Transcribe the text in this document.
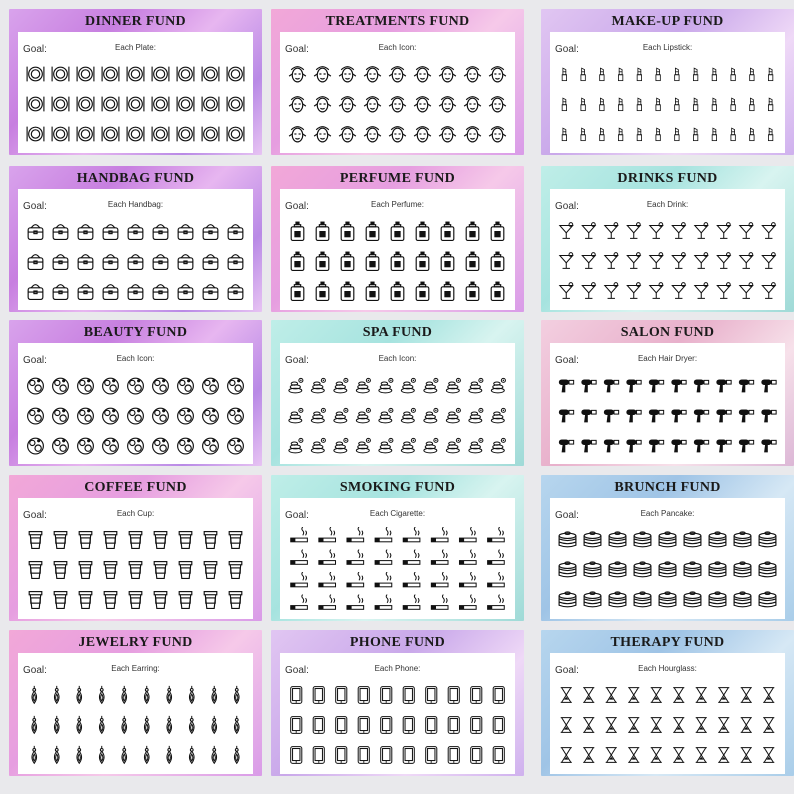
DINNER FUND
Goal:	Each Plate:
TREATMENTS FUND
Goal:	Each Icon:
MAKE-UP FUND
Goal:	Each Lipstick:
HANDBAG FUND
Goal:	Each Handbag:
PERFUME FUND
Goal:	Each Perfume:
DRINKS FUND
Goal:	Each Drink:
BEAUTY FUND
Goal:	Each Icon:
SPA FUND
Goal:	Each Icon:
SALON FUND
Goal:	Each Hair Dryer:
COFFEE FUND
Goal:	Each Cup:
SMOKING FUND
Goal:	Each Cigarette:
BRUNCH FUND
Goal:	Each Pancake:
JEWELRY FUND
Goal:	Each Earring:
PHONE FUND
Goal:	Each Phone:
THERAPY FUND
Goal:	Each Hourglass:
